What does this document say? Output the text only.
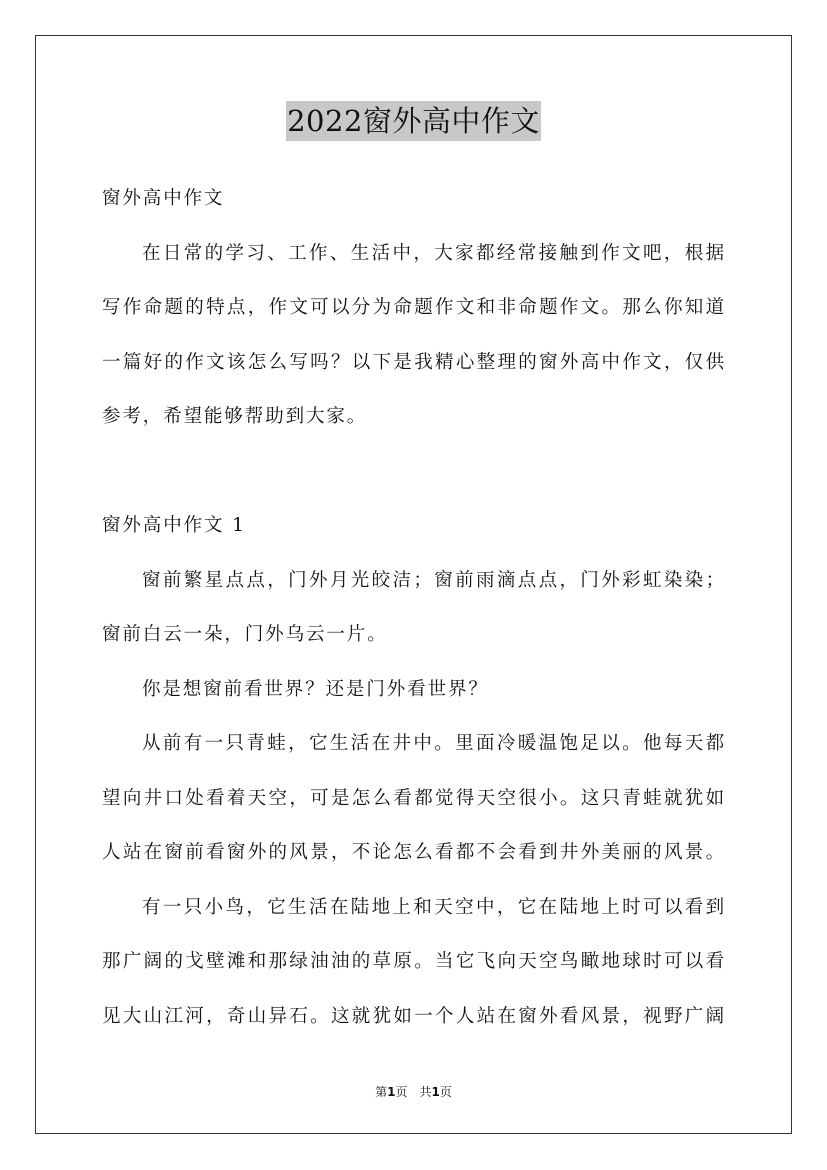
2022窗外高中作文
窗外高中作文
在日常的学习、工作、生活中，大家都经常接触到作文吧，根据
写作命题的特点，作文可以分为命题作文和非命题作文。那么你知道
一篇好的作文该怎么写吗？以下是我精心整理的窗外高中作文，仅供
参考，希望能够帮助到大家。
窗外高中作文 1
窗前繁星点点，门外月光皎洁；窗前雨滴点点，门外彩虹染染；
窗前白云一朵，门外乌云一片。
你是想窗前看世界？还是门外看世界？
从前有一只青蛙，它生活在井中。里面冷暖温饱足以。他每天都
望向井口处看着天空，可是怎么看都觉得天空很小。这只青蛙就犹如
人站在窗前看窗外的风景，不论怎么看都不会看到井外美丽的风景。
有一只小鸟，它生活在陆地上和天空中，它在陆地上时可以看到
那广阔的戈壁滩和那绿油油的草原。当它飞向天空鸟瞰地球时可以看
见大山江河，奇山异石。这就犹如一个人站在窗外看风景，视野广阔
第1页　共1页
